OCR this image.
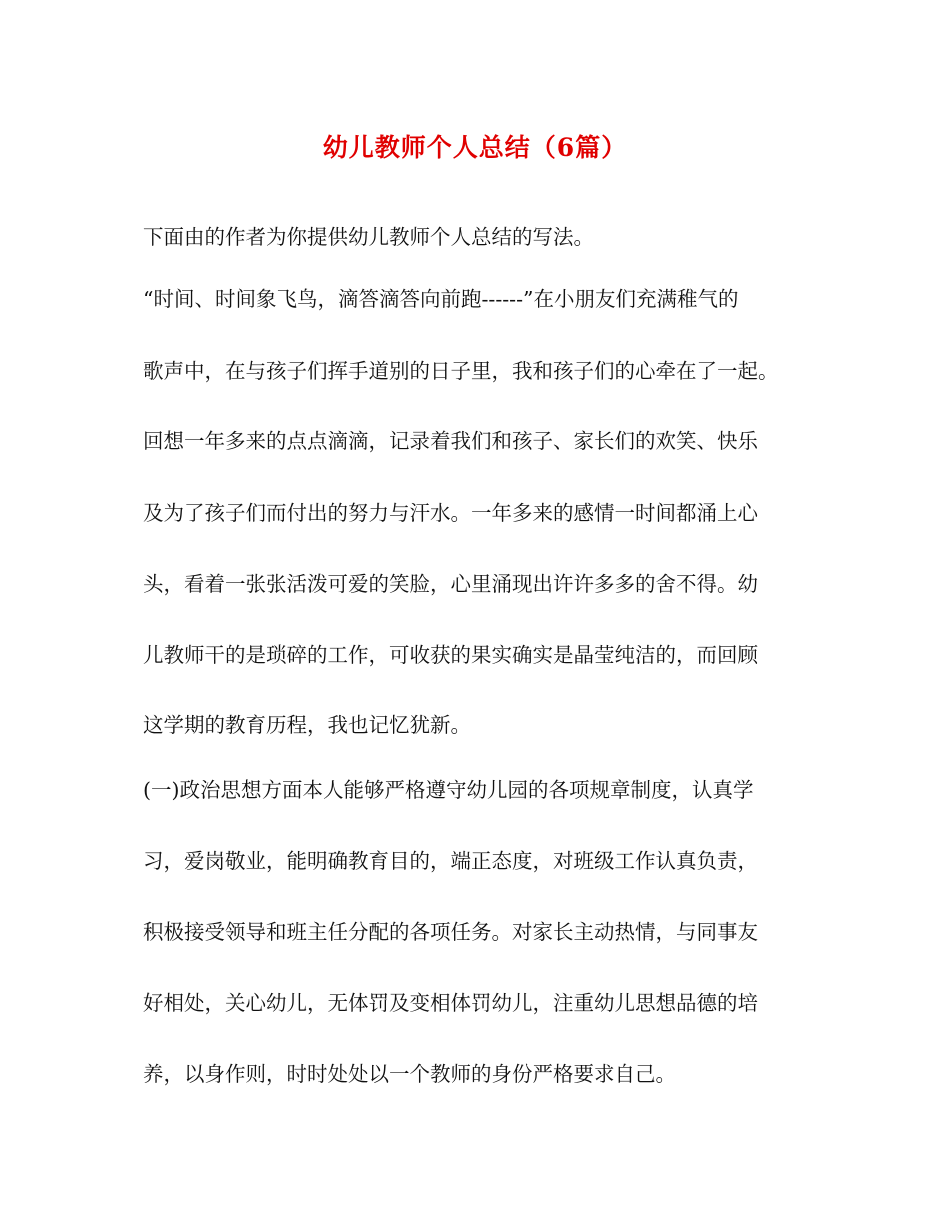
幼儿教师个人总结（6篇）
下面由的作者为你提供幼儿教师个人总结的写法。
“时间、时间象飞鸟，滴答滴答向前跑------”在小朋友们充满稚气的
歌声中，在与孩子们挥手道别的日子里，我和孩子们的心牵在了一起。
回想一年多来的点点滴滴，记录着我们和孩子、家长们的欢笑、快乐
及为了孩子们而付出的努力与汗水。一年多来的感情一时间都涌上心
头，看着一张张活泼可爱的笑脸，心里涌现出许许多多的舍不得。幼
儿教师干的是琐碎的工作，可收获的果实确实是晶莹纯洁的，而回顾
这学期的教育历程，我也记忆犹新。
(一)政治思想方面本人能够严格遵守幼儿园的各项规章制度，认真学
习，爱岗敬业，能明确教育目的，端正态度，对班级工作认真负责，
积极接受领导和班主任分配的各项任务。对家长主动热情，与同事友
好相处，关心幼儿，无体罚及变相体罚幼儿，注重幼儿思想品德的培
养，以身作则，时时处处以一个教师的身份严格要求自己。
